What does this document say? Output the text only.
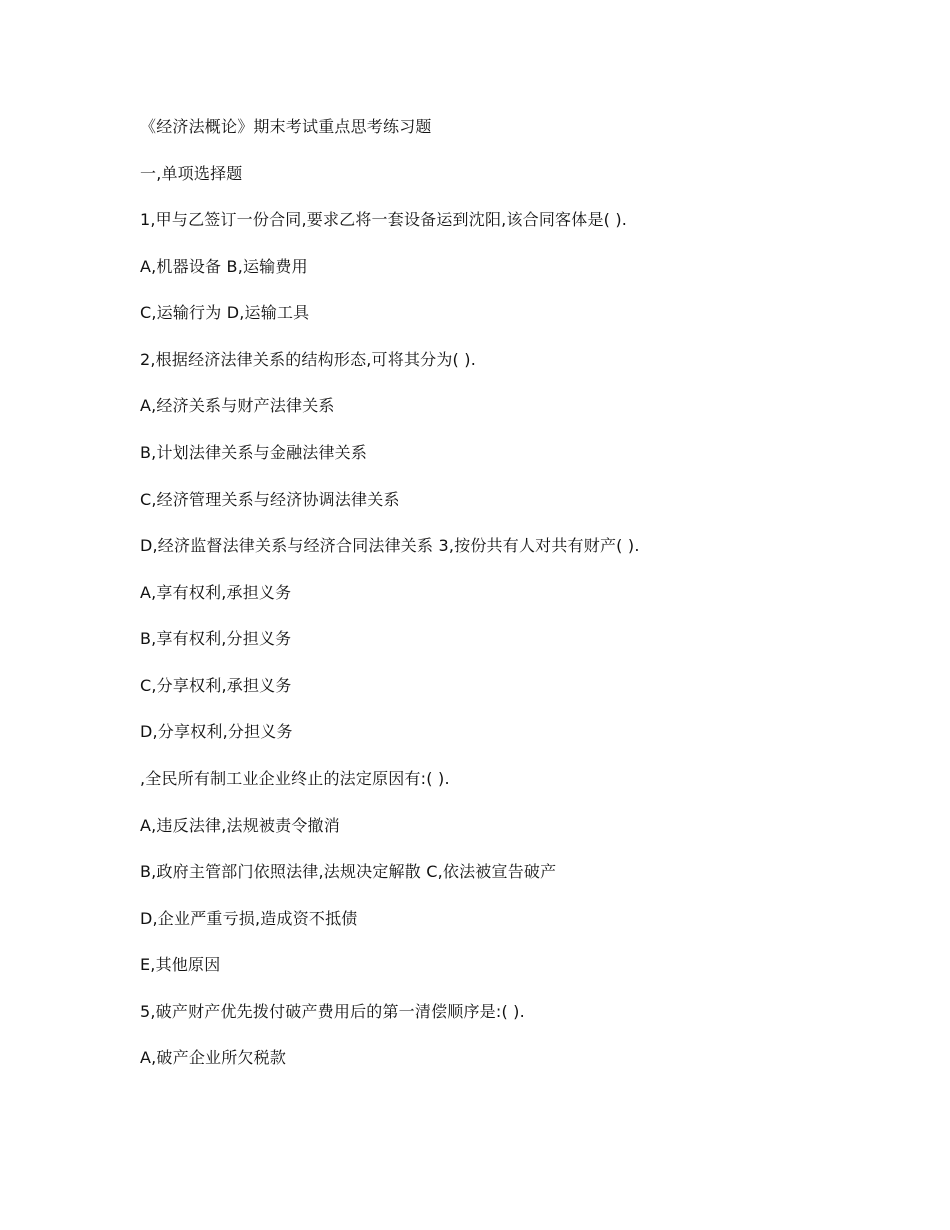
《经济法概论》期末考试重点思考练习题
一,单项选择题
1,甲与乙签订一份合同,要求乙将一套设备运到沈阳,该合同客体是( ).
A,机器设备 B,运输费用
C,运输行为 D,运输工具
2,根据经济法律关系的结构形态,可将其分为( ).
A,经济关系与财产法律关系
B,计划法律关系与金融法律关系
C,经济管理关系与经济协调法律关系
D,经济监督法律关系与经济合同法律关系 3,按份共有人对共有财产( ).
A,享有权利,承担义务
B,享有权利,分担义务
C,分享权利,承担义务
D,分享权利,分担义务
,全民所有制工业企业终止的法定原因有:( ).
A,违反法律,法规被责令撤消
B,政府主管部门依照法律,法规决定解散 C,依法被宣告破产
D,企业严重亏损,造成资不抵债
E,其他原因
5,破产财产优先拨付破产费用后的第一清偿顺序是:( ).
A,破产企业所欠税款
